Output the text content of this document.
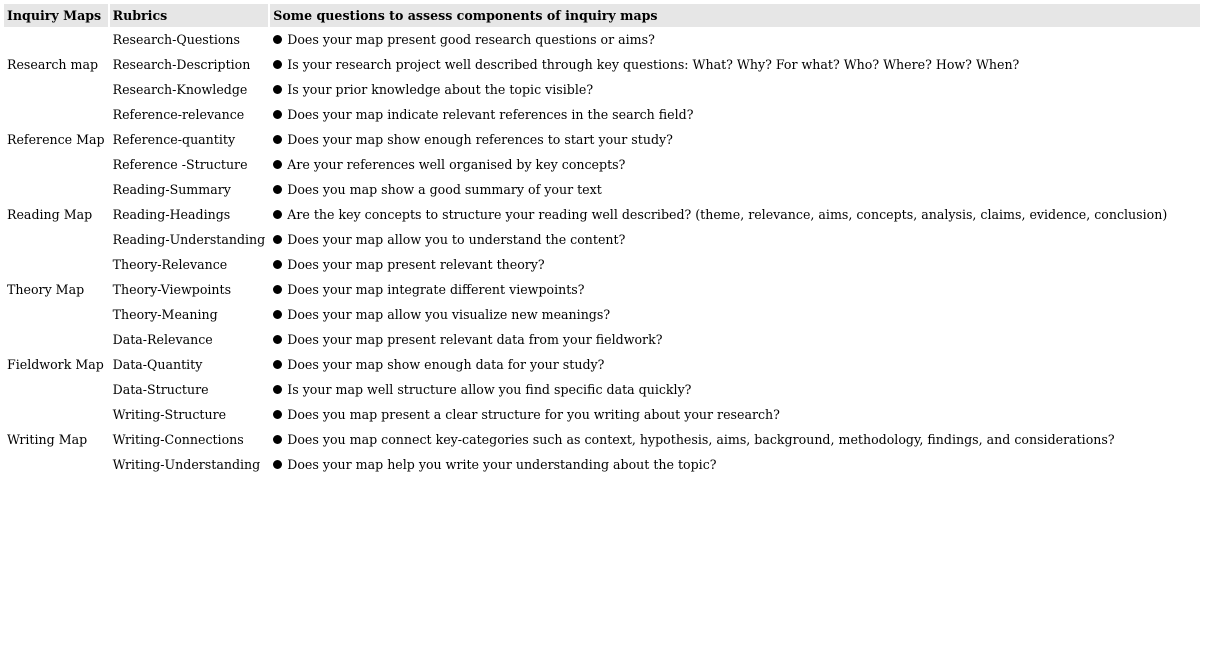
Inquiry Maps	Rubrics	Some questions to assess components of inquiry maps
	Research-Questions	Does your map present good research questions or aims?
Research map	Research-Description	Is your research project well described through key questions: What? Why? For what? Who? Where? How? When?
	Research-Knowledge	Is your prior knowledge about the topic visible?
	Reference-relevance	Does your map indicate relevant references in the search field?
Reference Map	Reference-quantity	Does your map show enough references to start your study?
	Reference -Structure	Are your references well organised by key concepts?
	Reading-Summary	Does you map show a good summary of your text
Reading Map	Reading-Headings	Are the key concepts to structure your reading well described? (theme, relevance, aims, concepts, analysis, claims, evidence, conclusion)
	Reading-Understanding	Does your map allow you to understand the content?
	Theory-Relevance	Does your map present relevant theory?
Theory Map	Theory-Viewpoints	Does your map integrate different viewpoints?
	Theory-Meaning	Does your map allow you visualize new meanings?
	Data-Relevance	Does your map present relevant data from your fieldwork?
Fieldwork Map	Data-Quantity	Does your map show enough data for your study?
	Data-Structure	Is your map well structure allow you find specific data quickly?
	Writing-Structure	Does you map present a clear structure for you writing about your research?
Writing Map	Writing-Connections	Does you map connect key-categories such as context, hypothesis, aims, background, methodology, findings, and considerations?
	Writing-Understanding	Does your map help you write your understanding about the topic?
